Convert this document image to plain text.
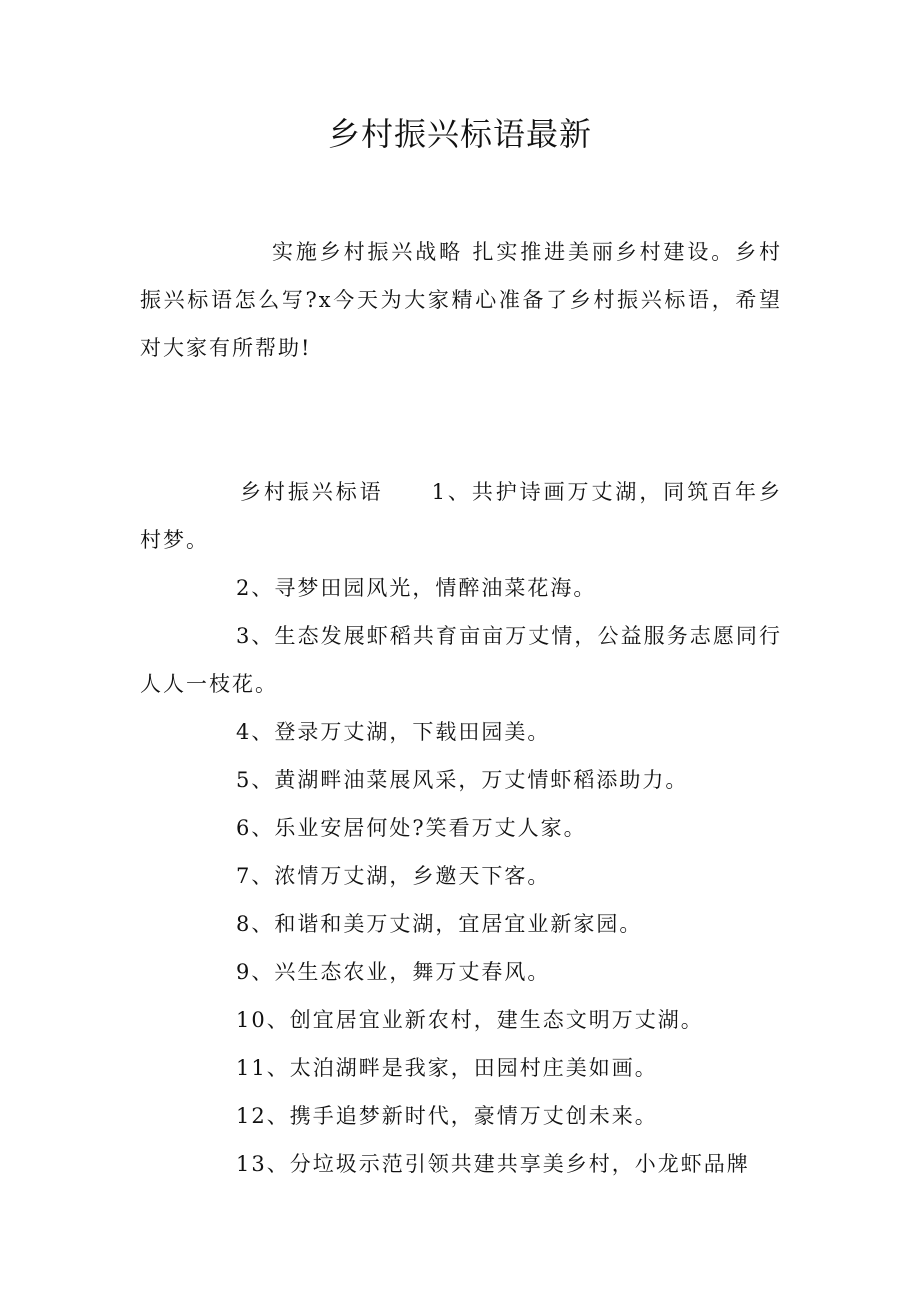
乡村振兴标语最新

实施乡村振兴战略 扎实推进美丽乡村建设。乡村振兴标语怎么写?x今天为大家精心准备了乡村振兴标语，希望对大家有所帮助!

乡村振兴标语 1、共护诗画万丈湖，同筑百年乡村梦。

2、寻梦田园风光，情醉油菜花海。

3、生态发展虾稻共育亩亩万丈情，公益服务志愿同行人人一枝花。

4、登录万丈湖，下载田园美。

5、黄湖畔油菜展风采，万丈情虾稻添助力。

6、乐业安居何处?笑看万丈人家。

7、浓情万丈湖，乡邀天下客。

8、和谐和美万丈湖，宜居宜业新家园。

9、兴生态农业，舞万丈春风。

10、创宜居宜业新农村，建生态文明万丈湖。

11、太泊湖畔是我家，田园村庄美如画。

12、携手追梦新时代，豪情万丈创未来。

13、分垃圾示范引领共建共享美乡村，小龙虾品牌
